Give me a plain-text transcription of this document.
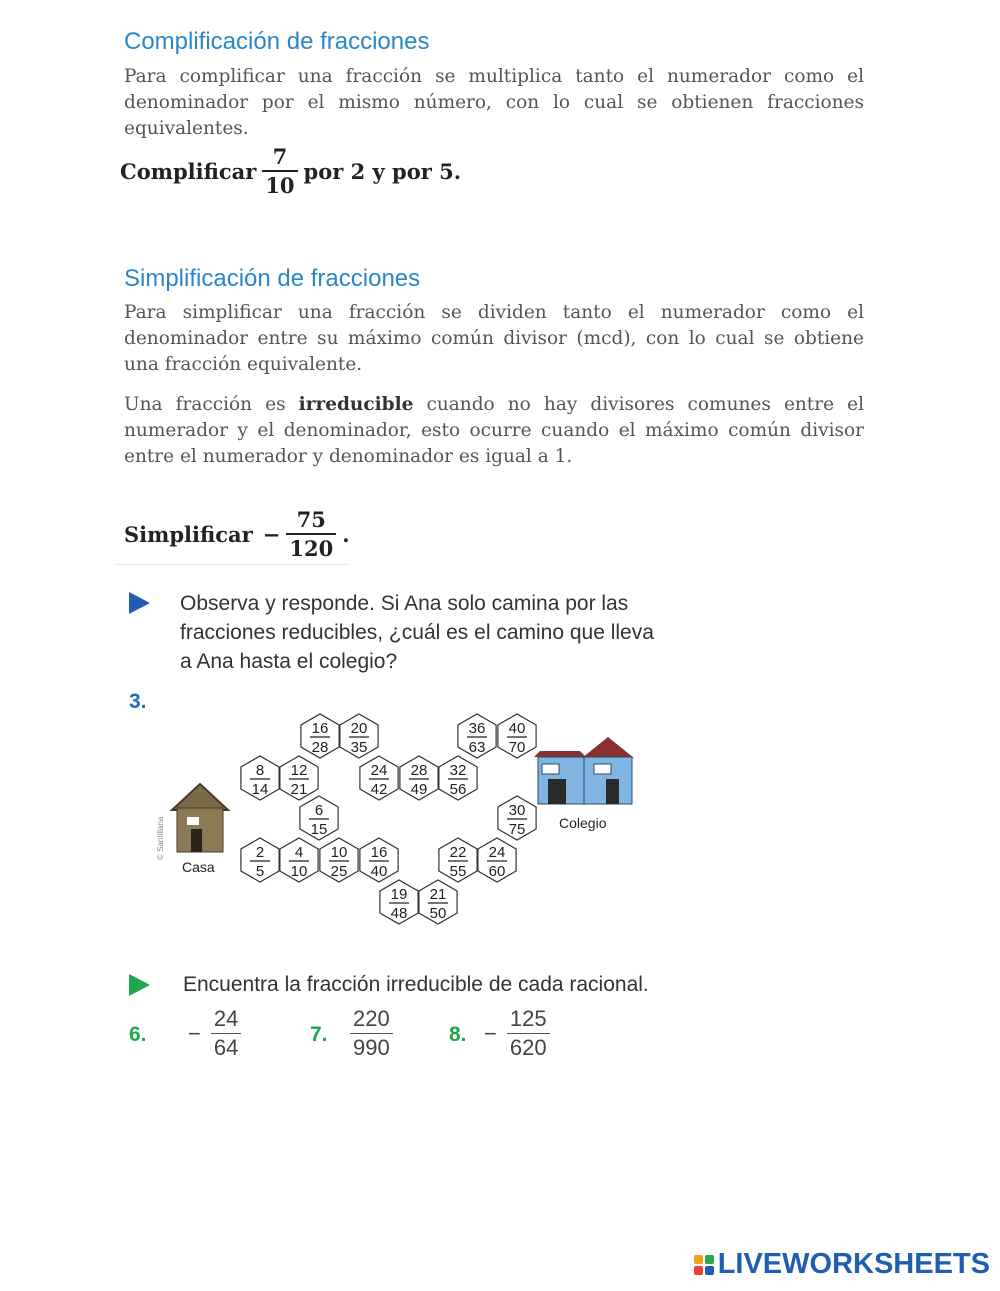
Complificación de fracciones

Para complificar una fracción se multiplica tanto el numerador como el denominador por el mismo número, con lo cual se obtienen fracciones equivalentes.

Complificar $\frac{7}{10}$ por 2 y por 5.
Simplificación de fracciones

Para simplificar una fracción se dividen tanto el numerador como el denominador entre su máximo común divisor (mcd), con lo cual se obtiene una fracción equivalente.

Una fracción es irreducible cuando no hay divisores comunes entre el numerador y el denominador, esto ocurre cuando el máximo común divisor entre el numerador y denominador es igual a 1.

Simplificar − $\frac{75}{120}$ .

Observa y responde. Si Ana solo camina por las fracciones reducibles, ¿cuál es el camino que lleva a Ana hasta el colegio?

3.
Casa
© Santillana	Colegio
16
28
20
35
36
63
40
70
8
14
12
21
24
42
28
49
32
56
6
15
30
75
2
5
4
10
10
25
16
40
22
55
24
60
19
48
21
50

Encuentra la fracción irreducible de cada racional.

6. − $\frac{24}{64}$	7. $\frac{220}{990}$	8. − $\frac{125}{620}$
LIVEWORKSHEETS
